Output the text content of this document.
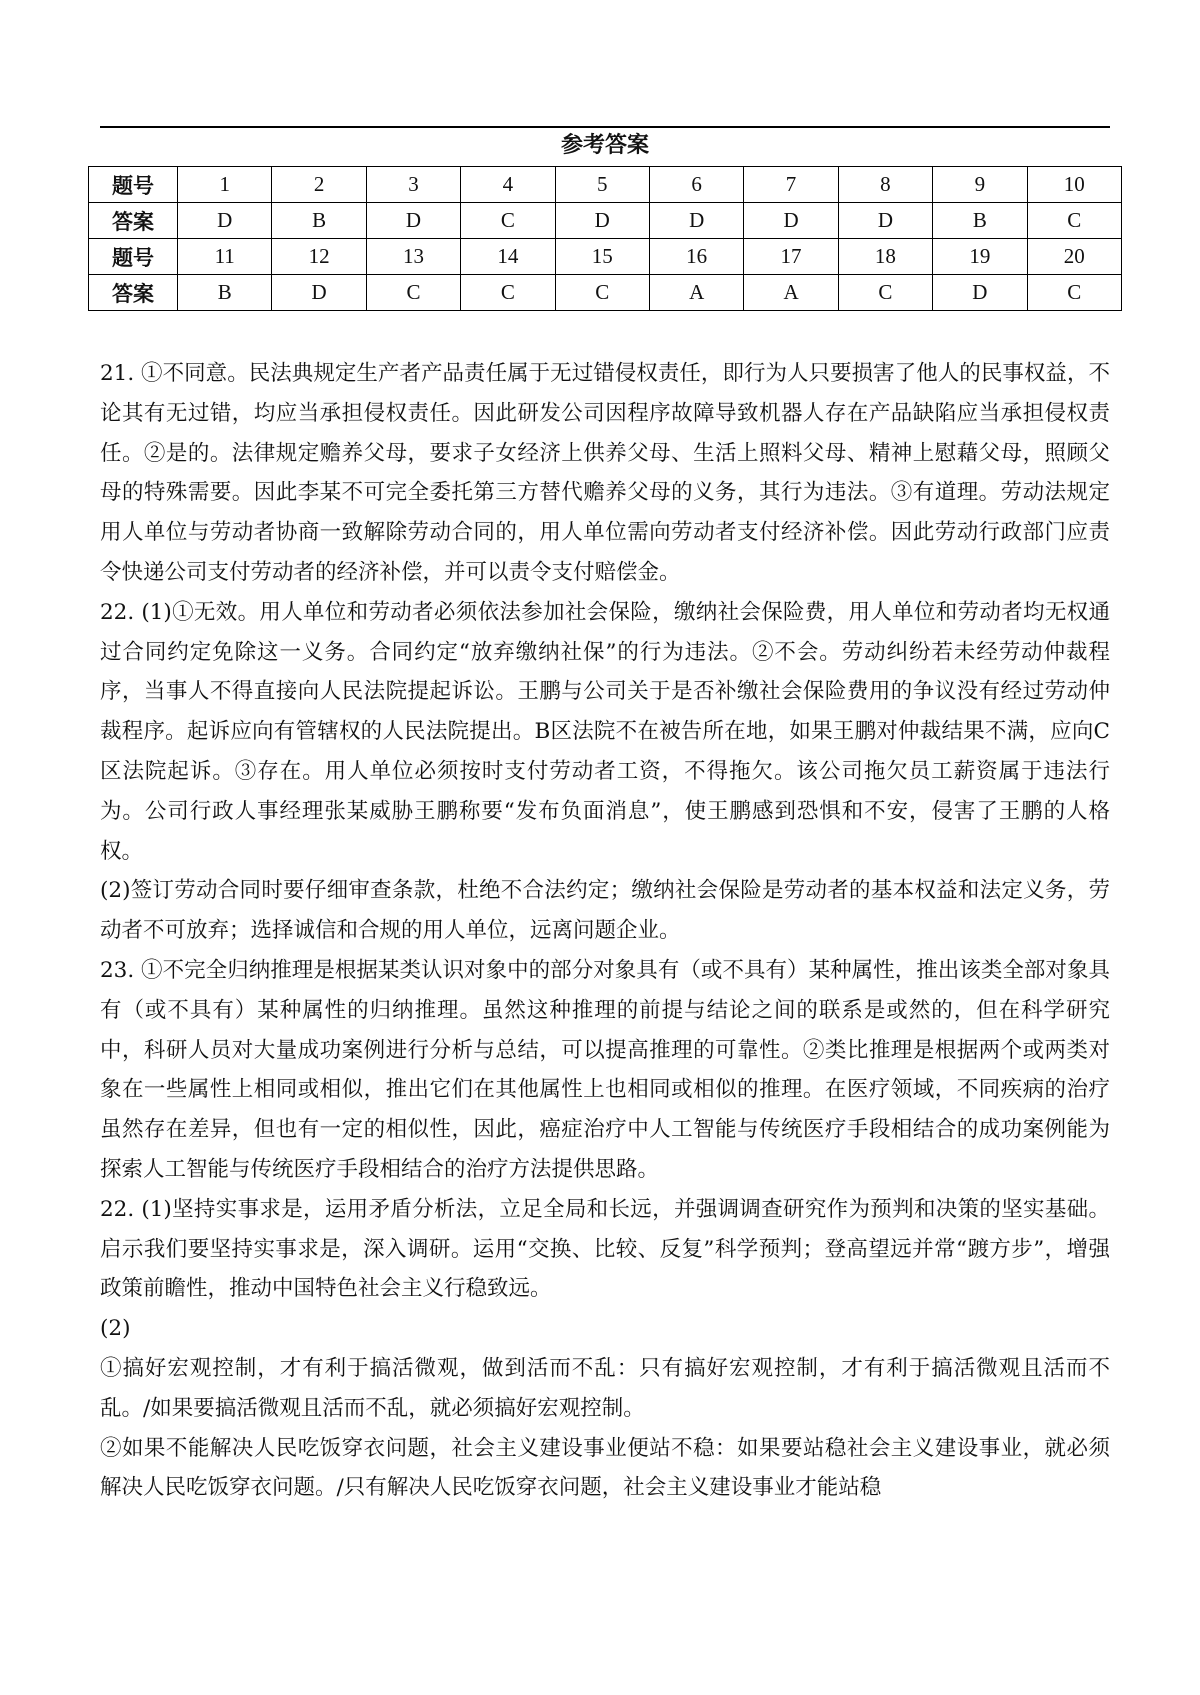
参考答案
题号	1	2	3	4	5	6	7	8	9	10
答案	D	B	D	C	D	D	D	D	B	C
题号	11	12	13	14	15	16	17	18	19	20
答案	B	D	C	C	C	A	A	C	D	C

21. ①不同意。民法典规定生产者产品责任属于无过错侵权责任，即行为人只要损害了他人的民事权益，不论其有无过错，均应当承担侵权责任。因此研发公司因程序故障导致机器人存在产品缺陷应当承担侵权责任。②是的。法律规定赡养父母，要求子女经济上供养父母、生活上照料父母、精神上慰藉父母，照顾父母的特殊需要。因此李某不可完全委托第三方替代赡养父母的义务，其行为违法。③有道理。劳动法规定用人单位与劳动者协商一致解除劳动合同的，用人单位需向劳动者支付经济补偿。因此劳动行政部门应责令快递公司支付劳动者的经济补偿，并可以责令支付赔偿金。

22. (1)①无效。用人单位和劳动者必须依法参加社会保险，缴纳社会保险费，用人单位和劳动者均无权通过合同约定免除这一义务。合同约定“放弃缴纳社保”的行为违法。②不会。劳动纠纷若未经劳动仲裁程序，当事人不得直接向人民法院提起诉讼。王鹏与公司关于是否补缴社会保险费用的争议没有经过劳动仲裁程序。起诉应向有管辖权的人民法院提出。B区法院不在被告所在地，如果王鹏对仲裁结果不满，应向C区法院起诉。③存在。用人单位必须按时支付劳动者工资，不得拖欠。该公司拖欠员工薪资属于违法行为。公司行政人事经理张某威胁王鹏称要“发布负面消息”，使王鹏感到恐惧和不安，侵害了王鹏的人格权。

(2)签订劳动合同时要仔细审查条款，杜绝不合法约定；缴纳社会保险是劳动者的基本权益和法定义务，劳动者不可放弃；选择诚信和合规的用人单位，远离问题企业。

23. ①不完全归纳推理是根据某类认识对象中的部分对象具有（或不具有）某种属性，推出该类全部对象具有（或不具有）某种属性的归纳推理。虽然这种推理的前提与结论之间的联系是或然的，但在科学研究中，科研人员对大量成功案例进行分析与总结，可以提高推理的可靠性。②类比推理是根据两个或两类对象在一些属性上相同或相似，推出它们在其他属性上也相同或相似的推理。在医疗领域，不同疾病的治疗虽然存在差异，但也有一定的相似性，因此，癌症治疗中人工智能与传统医疗手段相结合的成功案例能为探索人工智能与传统医疗手段相结合的治疗方法提供思路。

22. (1)坚持实事求是，运用矛盾分析法，立足全局和长远，并强调调查研究作为预判和决策的坚实基础。启示我们要坚持实事求是，深入调研。运用“交换、比较、反复”科学预判；登高望远并常“踱方步”，增强政策前瞻性，推动中国特色社会主义行稳致远。

(2)

①搞好宏观控制，才有利于搞活微观，做到活而不乱：只有搞好宏观控制，才有利于搞活微观且活而不乱。/如果要搞活微观且活而不乱，就必须搞好宏观控制。

②如果不能解决人民吃饭穿衣问题，社会主义建设事业便站不稳：如果要站稳社会主义建设事业，就必须解决人民吃饭穿衣问题。/只有解决人民吃饭穿衣问题，社会主义建设事业才能站稳
